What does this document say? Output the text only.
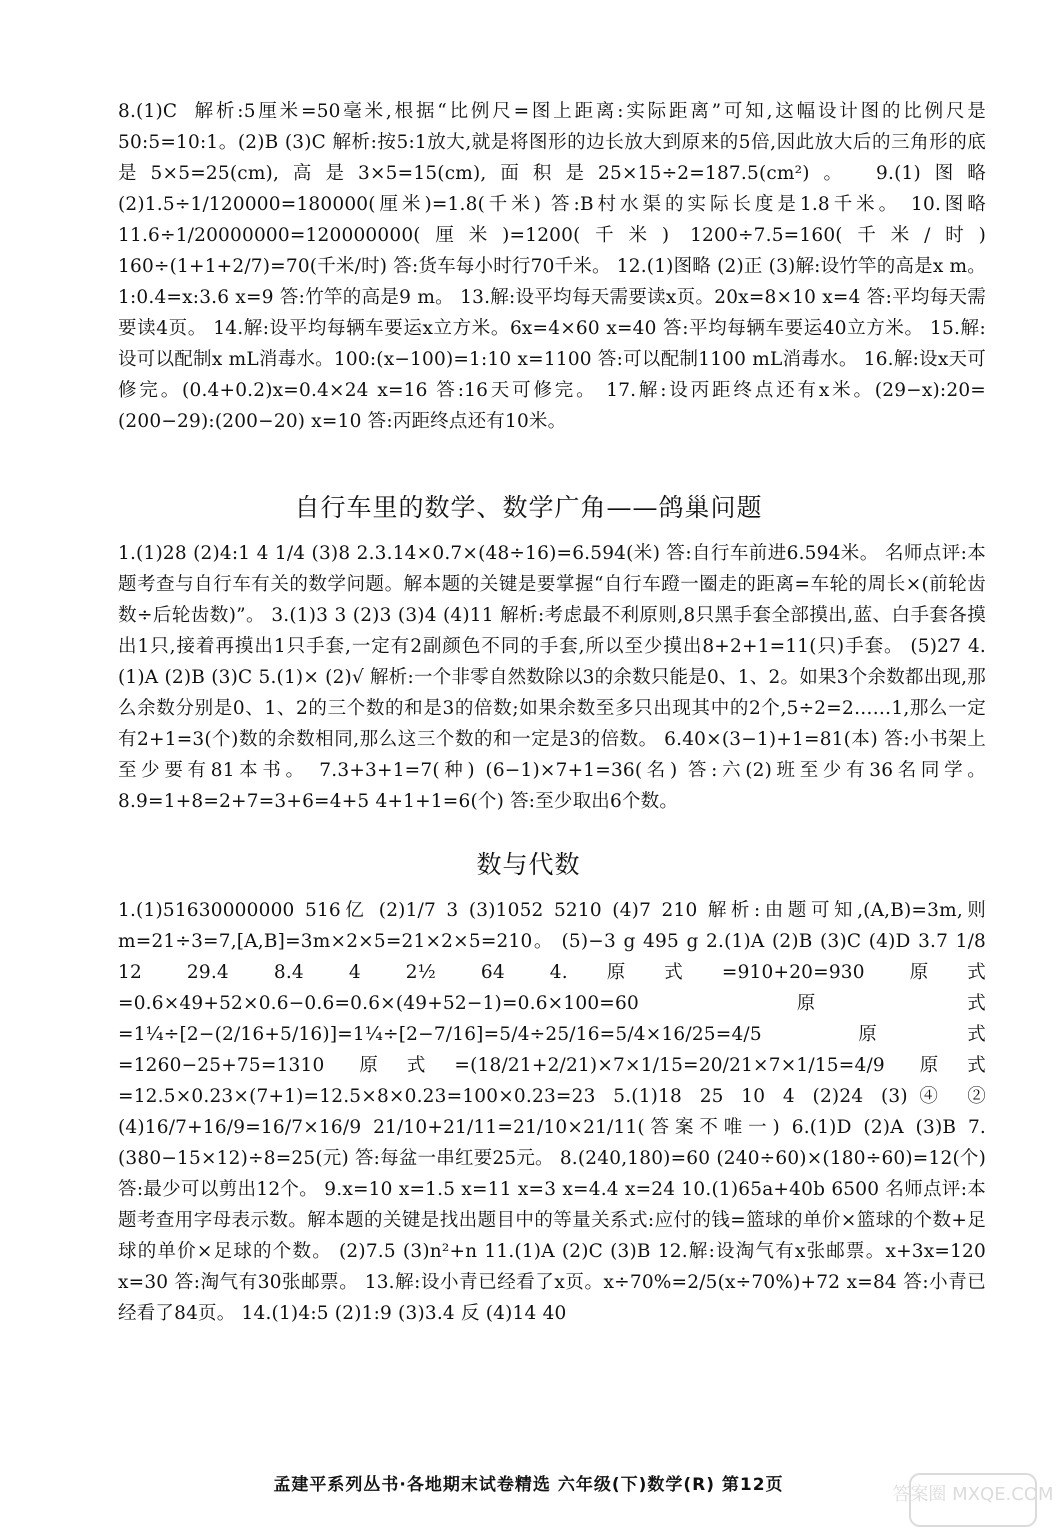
8.(1)C  解析:5厘米=50毫米,根据“比例尺=图上距离:实际距离”可知,这幅设计图的比例尺是50:5=10:1。(2)B (3)C 解析:按5:1放大,就是将图形的边长放大到原来的5倍,因此放大后的三角形的底是5×5=25(cm),高是3×5=15(cm),面积是25×15÷2=187.5(cm²)。 9.(1)图略 (2)1.5÷1/120000=180000(厘米)=1.8(千米) 答:B村水渠的实际长度是1.8千米。 10.图略 11.6÷1/20000000=120000000(厘米)=1200(千米) 1200÷7.5=160(千米/时) 160÷(1+1+2/7)=70(千米/时) 答:货车每小时行70千米。 12.(1)图略 (2)正 (3)解:设竹竿的高是x m。1:0.4=x:3.6 x=9 答:竹竿的高是9 m。 13.解:设平均每天需要读x页。20x=8×10 x=4 答:平均每天需要读4页。 14.解:设平均每辆车要运x立方米。6x=4×60 x=40 答:平均每辆车要运40立方米。 15.解:设可以配制x mL消毒水。100:(x−100)=1:10 x=1100 答:可以配制1100 mL消毒水。 16.解:设x天可修完。(0.4+0.2)x=0.4×24 x=16 答:16天可修完。 17.解:设丙距终点还有x米。(29−x):20=(200−29):(200−20) x=10 答:丙距终点还有10米。
自行车里的数学、数学广角——鸽巢问题
1.(1)28 (2)4:1 4 1/4 (3)8 2.3.14×0.7×(48÷16)=6.594(米) 答:自行车前进6.594米。 名师点评:本题考查与自行车有关的数学问题。解本题的关键是要掌握“自行车蹬一圈走的距离=车轮的周长×(前轮齿数÷后轮齿数)”。 3.(1)3 3 (2)3 (3)4 (4)11 解析:考虑最不利原则,8只黑手套全部摸出,蓝、白手套各摸出1只,接着再摸出1只手套,一定有2副颜色不同的手套,所以至少摸出8+2+1=11(只)手套。 (5)27 4.(1)A (2)B (3)C 5.(1)× (2)√ 解析:一个非零自然数除以3的余数只能是0、1、2。如果3个余数都出现,那么余数分别是0、1、2的三个数的和是3的倍数;如果余数至多只出现其中的2个,5÷2=2……1,那么一定有2+1=3(个)数的余数相同,那么这三个数的和一定是3的倍数。 6.40×(3−1)+1=81(本) 答:小书架上至少要有81本书。 7.3+3+1=7(种) (6−1)×7+1=36(名) 答:六(2)班至少有36名同学。 8.9=1+8=2+7=3+6=4+5 4+1+1=6(个) 答:至少取出6个数。
数与代数
1.(1)51630000000 516亿 (2)1/7 3 (3)1052 5210 (4)7 210 解析:由题可知,(A,B)=3m,则m=21÷3=7,[A,B]=3m×2×5=21×2×5=210。 (5)−3 g 495 g 2.(1)A (2)B (3)C (4)D 3.7 1/8 12 29.4 8.4 4 2½ 64 4.原式=910+20=930 原式=0.6×49+52×0.6−0.6=0.6×(49+52−1)=0.6×100=60 原式=1¼÷[2−(2/16+5/16)]=1¼÷[2−7/16]=5/4÷25/16=5/4×16/25=4/5 原式=1260−25+75=1310 原式=(18/21+2/21)×7×1/15=20/21×7×1/15=4/9 原式=12.5×0.23×(7+1)=12.5×8×0.23=100×0.23=23 5.(1)18 25 10 4 (2)24 (3)④ ② (4)16/7+16/9=16/7×16/9 21/10+21/11=21/10×21/11(答案不唯一) 6.(1)D (2)A (3)B 7.(380−15×12)÷8=25(元) 答:每盆一串红要25元。 8.(240,180)=60 (240÷60)×(180÷60)=12(个) 答:最少可以剪出12个。 9.x=10 x=1.5 x=11 x=3 x=4.4 x=24 10.(1)65a+40b 6500 名师点评:本题考查用字母表示数。解本题的关键是找出题目中的等量关系式:应付的钱=篮球的单价×篮球的个数+足球的单价×足球的个数。 (2)7.5 (3)n²+n 11.(1)A (2)C (3)B 12.解:设淘气有x张邮票。x+3x=120 x=30 答:淘气有30张邮票。 13.解:设小青已经看了x页。x÷70%=2/5(x÷70%)+72 x=84 答:小青已经看了84页。 14.(1)4:5 (2)1:9 (3)3.4 反 (4)14 40
孟建平系列丛书·各地期末试卷精选 六年级(下)数学(R) 第12页	答案圈 MXQE.COM
